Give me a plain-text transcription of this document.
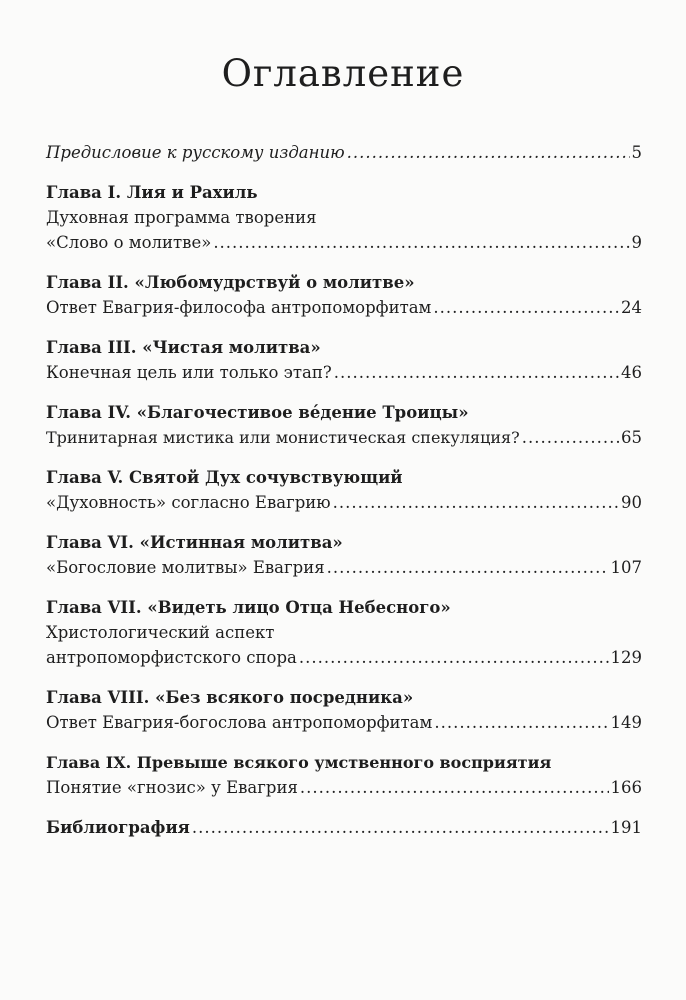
Оглавление
Предисловие к русскому изданию .....	5
Глава I. Лия и Рахиль
Духовная программа творения
«Слово о молитве» .....	9
Глава II. «Любомудрствуй о молитве»
Ответ Евагрия-философа антропоморфитам .....	24
Глава III. «Чистая молитва»
Конечная цель или только этап? .....	46
Глава IV. «Благочестивое вéдение Троицы»
Тринитарная мистика или монистическая спекуляция? .....	65
Глава V. Святой Дух сочувствующий
«Духовность» согласно Евагрию .....	90
Глава VI. «Истинная молитва»
«Богословие молитвы» Евагрия .....	107
Глава VII. «Видеть лицо Отца Небесного»
Христологический аспект
антропоморфистского спора .....	129
Глава VIII. «Без всякого посредника»
Ответ Евагрия-богослова антропоморфитам .....	149
Глава IX. Превыше всякого умственного восприятия
Понятие «гнозис» у Евагрия .....	166
Библиография .....	191
